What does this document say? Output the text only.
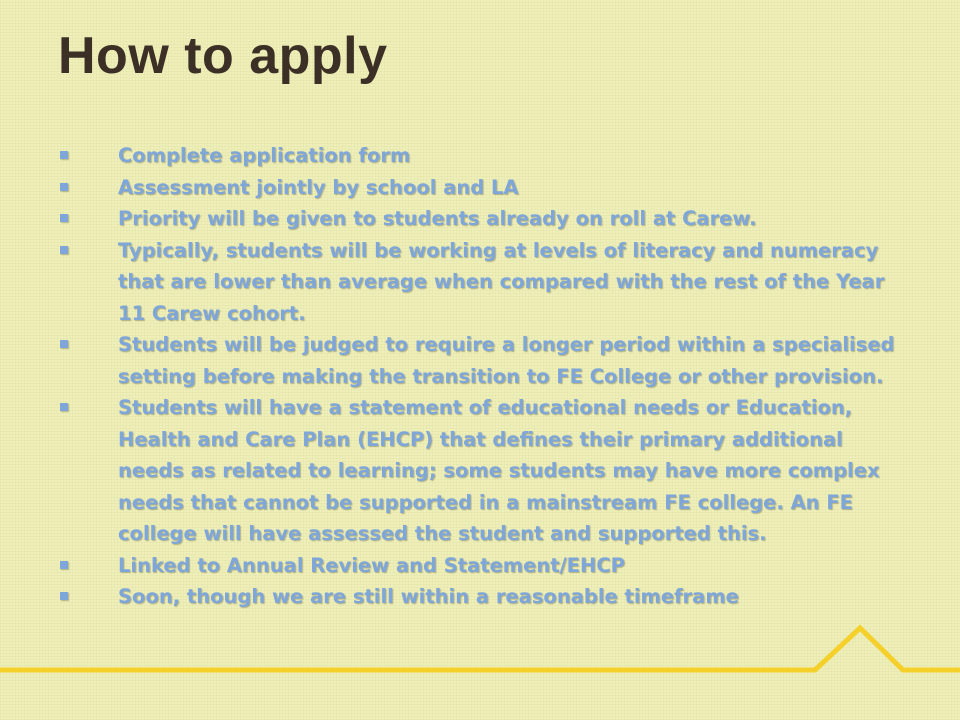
How to apply
Complete application form
Assessment jointly by school and LA
Priority will be given to students already on roll at Carew.
Typically, students will be working at levels of literacy and numeracy that are lower than average when compared with the rest of the Year 11 Carew cohort.
Students will be judged to require a longer period within a specialised setting before making the transition to FE College or other provision.
Students will have a statement of educational needs or Education, Health and Care Plan (EHCP) that defines their primary additional needs as related to learning; some students may have more complex needs that cannot be supported in a mainstream FE college. An FE college will have assessed the student and supported this.
Linked to Annual Review and Statement/EHCP
Soon, though we are still within a reasonable timeframe
